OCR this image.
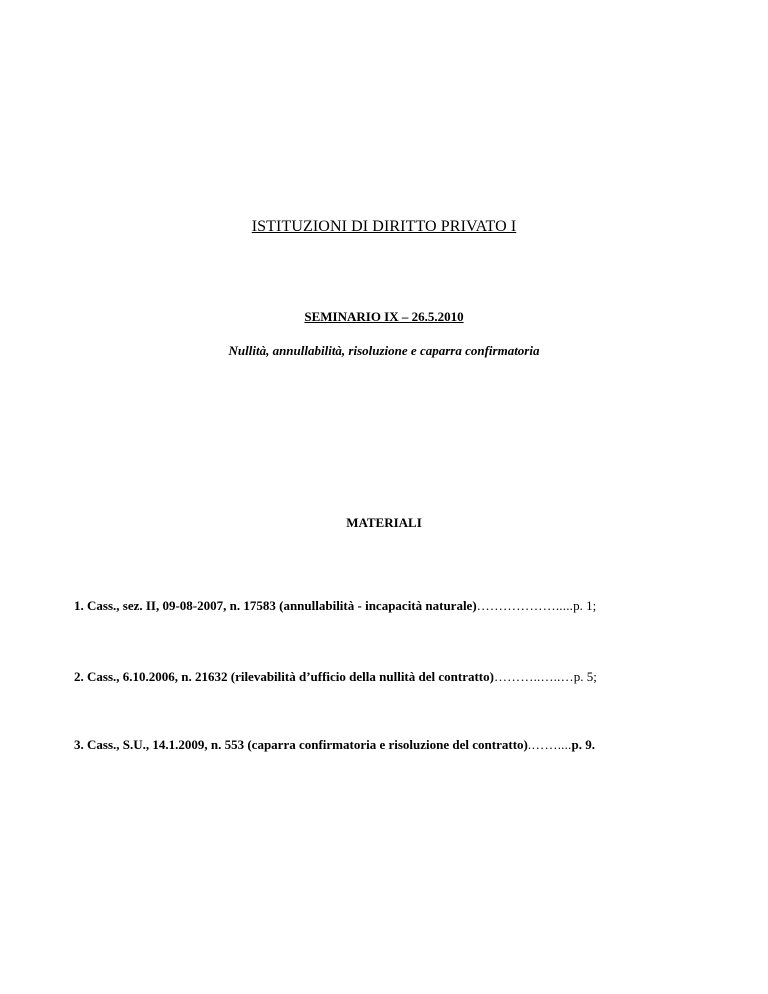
ISTITUZIONI DI DIRITTO PRIVATO I
SEMINARIO IX – 26.5.2010
Nullità, annullabilità, risoluzione e caparra confirmatoria
MATERIALI
1. Cass., sez. II, 09-08-2007, n. 17583 (annullabilità - incapacità naturale)……………….....p. 1;
2. Cass., 6.10.2006, n. 21632 (rilevabilità d’ufficio della nullità del contratto)………..…..…p. 5;
3. Cass., S.U., 14.1.2009, n. 553 (caparra confirmatoria e risoluzione del contratto).……....p. 9.
